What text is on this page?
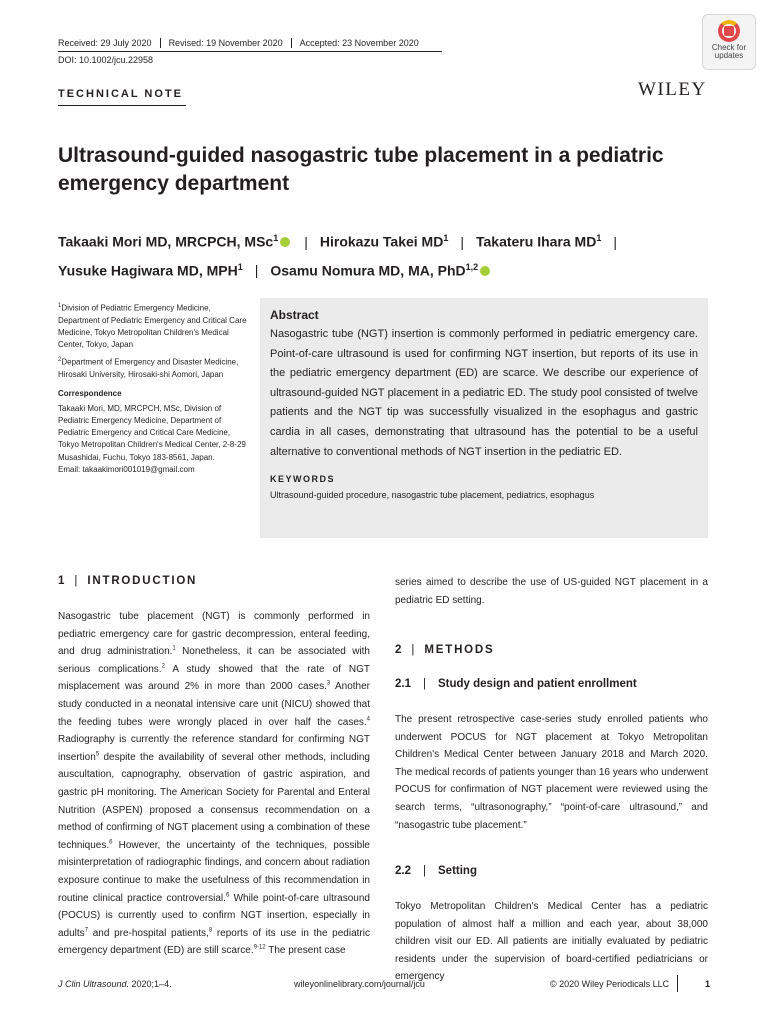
Received: 29 July 2020	Revised: 19 November 2020	Accepted: 23 November 2020
DOI: 10.1002/jcu.22958
Check for
updates
TECHNICAL NOTE	WILEY
Ultrasound-guided nasogastric tube placement in a pediatric emergency department
Takaaki Mori MD, MRCPCH, MSc$^1$ | Hirokazu Takei $MD^1$ | Takateru Ihara $MD^1$ |
Yusuke Hagiwara MD, MPH$^1$ | Osamu Nomura MD, MA, PhD$^{1,2}$

$^1$Division of Pediatric Emergency Medicine, Department of Pediatric Emergency and Critical Care Medicine, Tokyo Metropolitan Children's Medical Center, Tokyo, Japan

$^2$Department of Emergency and Disaster Medicine, Hirosaki University, Hirosaki-shi Aomori, Japan

Correspondence

Takaaki Mori, MD, MRCPCH, MSc, Division of Pediatric Emergency Medicine, Department of Pediatric Emergency and Critical Care Medicine, Tokyo Metropolitan Children's Medical Center, 2-8-29 Musashidai, Fuchu, Tokyo 183-8561, Japan.
Email: takaakimori001019@gmail.com

Abstract
Nasogastric tube (NGT) insertion is commonly performed in pediatric emergency care. Point-of-care ultrasound is used for confirming NGT insertion, but reports of its use in the pediatric emergency department (ED) are scarce. We describe our experience of ultrasound-guided NGT placement in a pediatric ED. The study pool consisted of twelve patients and the NGT tip was successfully visualized in the esophagus and gastric cardia in all cases, demonstrating that ultrasound has the potential to be a useful alternative to conventional methods of NGT insertion in the pediatric ED.
KEYWORDS
Ultrasound-guided procedure, nasogastric tube placement, pediatrics, esophagus
1 | INTRODUCTION
Nasogastric tube placement (NGT) is commonly performed in pediatric emergency care for gastric decompression, enteral feeding, and drug administration.$^1$ Nonetheless, it can be associated with serious complications.$^2$ A study showed that the rate of NGT misplacement was around 2% in more than 2000 cases.$^3$ Another study conducted in a neonatal intensive care unit (NICU) showed that the feeding tubes were wrongly placed in over half the cases.$^4$ Radiography is currently the reference standard for confirming NGT insertion$^5$ despite the availability of several other methods, including auscultation, capnography, observation of gastric aspiration, and gastric pH monitoring. The American Society for Parental and Enteral Nutrition (ASPEN) proposed a consensus recommendation on a method of confirming of NGT placement using a combination of these techniques.$^6$ However, the uncertainty of the techniques, possible misinterpretation of radiographic findings, and concern about radiation exposure continue to make the usefulness of this recommendation in routine clinical practice controversial.$^6$ While point-of-care ultrasound (POCUS) is currently used to confirm NGT insertion, especially in adults$^7$ and pre-hospital patients,$^8$ reports of its use in the pediatric emergency department (ED) are still scarce.$^{9-12}$ The present case
series aimed to describe the use of US-guided NGT placement in a pediatric ED setting.
2 | METHODS
2.1 | Study design and patient enrollment
The present retrospective case-series study enrolled patients who underwent POCUS for NGT placement at Tokyo Metropolitan Children's Medical Center between January 2018 and March 2020. The medical records of patients younger than 16 years who underwent POCUS for confirmation of NGT placement were reviewed using the search terms, “ultrasonography,” “point-of-care ultrasound,” and “nasogastric tube placement.”
2.2 | Setting
Tokyo Metropolitan Children's Medical Center has a pediatric population of almost half a million and each year, about 38,000 children visit our ED. All patients are initially evaluated by pediatric residents under the supervision of board-certified pediatricians or emergency
J Clin Ultrasound. 2020;1–4.	wileyonlinelibrary.com/journal/jcu	© 2020 Wiley Periodicals LLC	1
